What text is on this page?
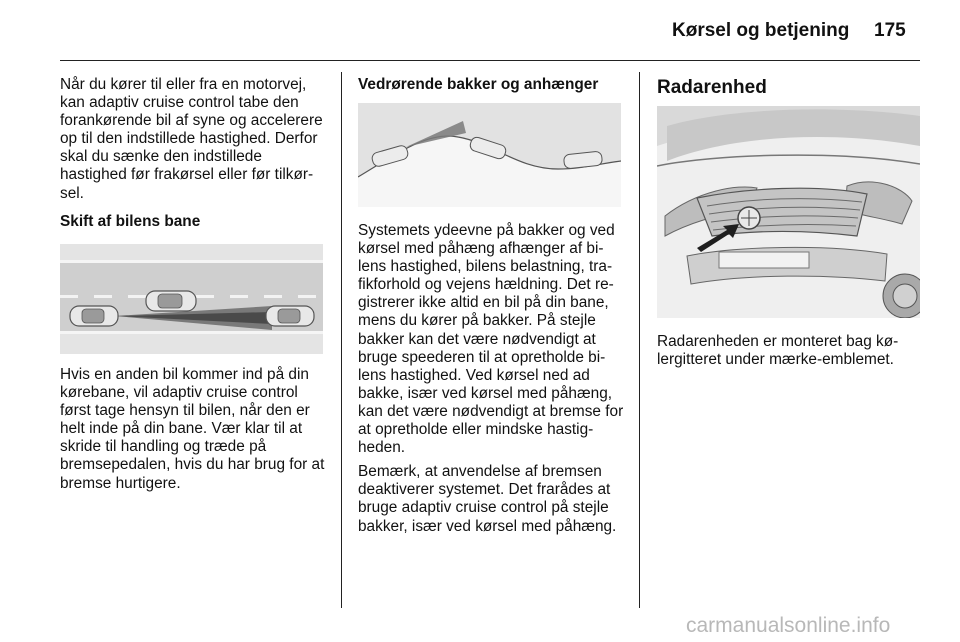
Kørsel og betjening 175

Når du kører til eller fra en motorvej, kan adaptiv cruise control tabe den forankørende bil af syne og accelerere op til den indstillede hastighed. Derfor skal du sænke den indstillede hastighed før frakørsel eller før tilkørsel.

Skift af bilens bane

Hvis en anden bil kommer ind på din kørebane, vil adaptiv cruise control først tage hensyn til bilen, når den er helt inde på din bane. Vær klar til at skride til handling og træde på bremsepedalen, hvis du har brug for at bremse hurtigere.

Vedrørende bakker og anhænger

Systemets ydeevne på bakker og ved kørsel med påhæng afhænger af bilens hastighed, bilens belastning, trafikforhold og vejens hældning. Det registrerer ikke altid en bil på din bane, mens du kører på bakker. På stejle bakker kan det være nødvendigt at bruge speederen til at opretholde bilens hastighed. Ved kørsel ned ad bakke, især ved kørsel med påhæng, kan det være nødvendigt at bremse for at opretholde eller mindske hastigheden.

Bemærk, at anvendelse af bremsen deaktiverer systemet. Det frarådes at bruge adaptiv cruise control på stejle bakker, især ved kørsel med påhæng.

Radarenhed

Radarenheden er monteret bag kølergitteret under mærke-emblemet.

carmanualsonline.info
